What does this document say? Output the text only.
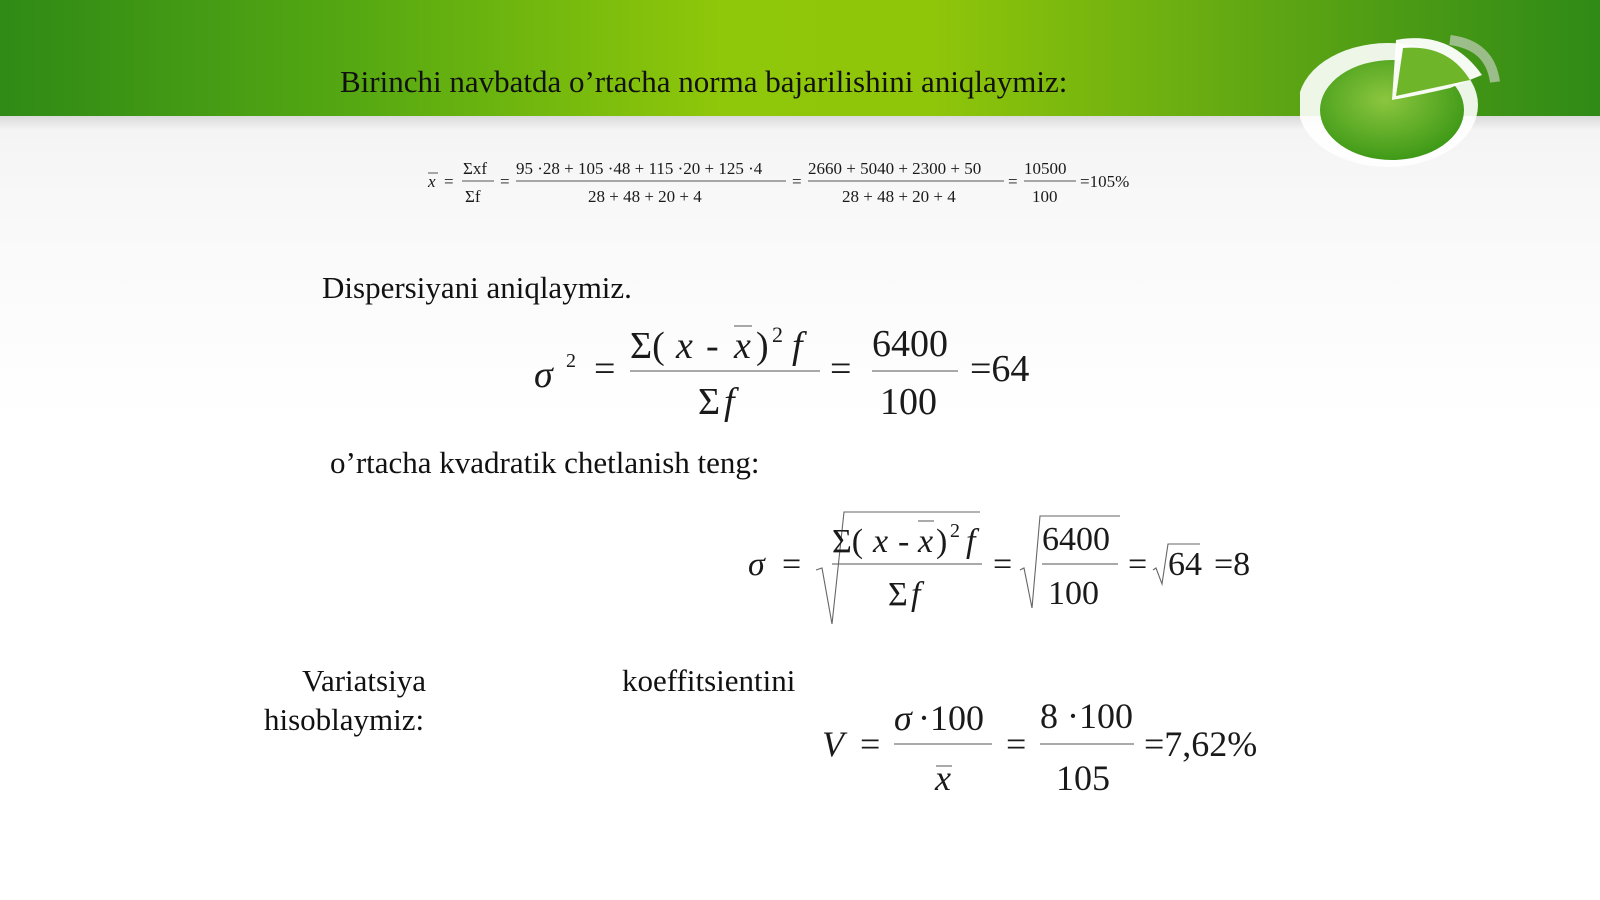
Birinchi navbatda o’rtacha norma bajarilishini aniqlaymiz:
x =
Σxf
Σf
=
95 ·28 + 105 ·48 + 115 ·20 + 125 ·4
28 + 48 + 20 + 4
=
2660 + 5040 + 2300 + 50
28 + 48 + 20 + 4
=
10500
100
=105%
Dispersiyani aniqlaymiz.
σ 2 =
Σ( x - x ) 2 f
Σ f
=
6400
100
=64
o’rtacha kvadratik chetlanish teng:
σ =
Σ( x - x ) 2 f
Σ f
=
6400
100
= 64 =8
Variatsiya	koeffitsientini
hisoblaymiz:
V =
σ ·100
x
=
8 ·100
105
=7,62%
